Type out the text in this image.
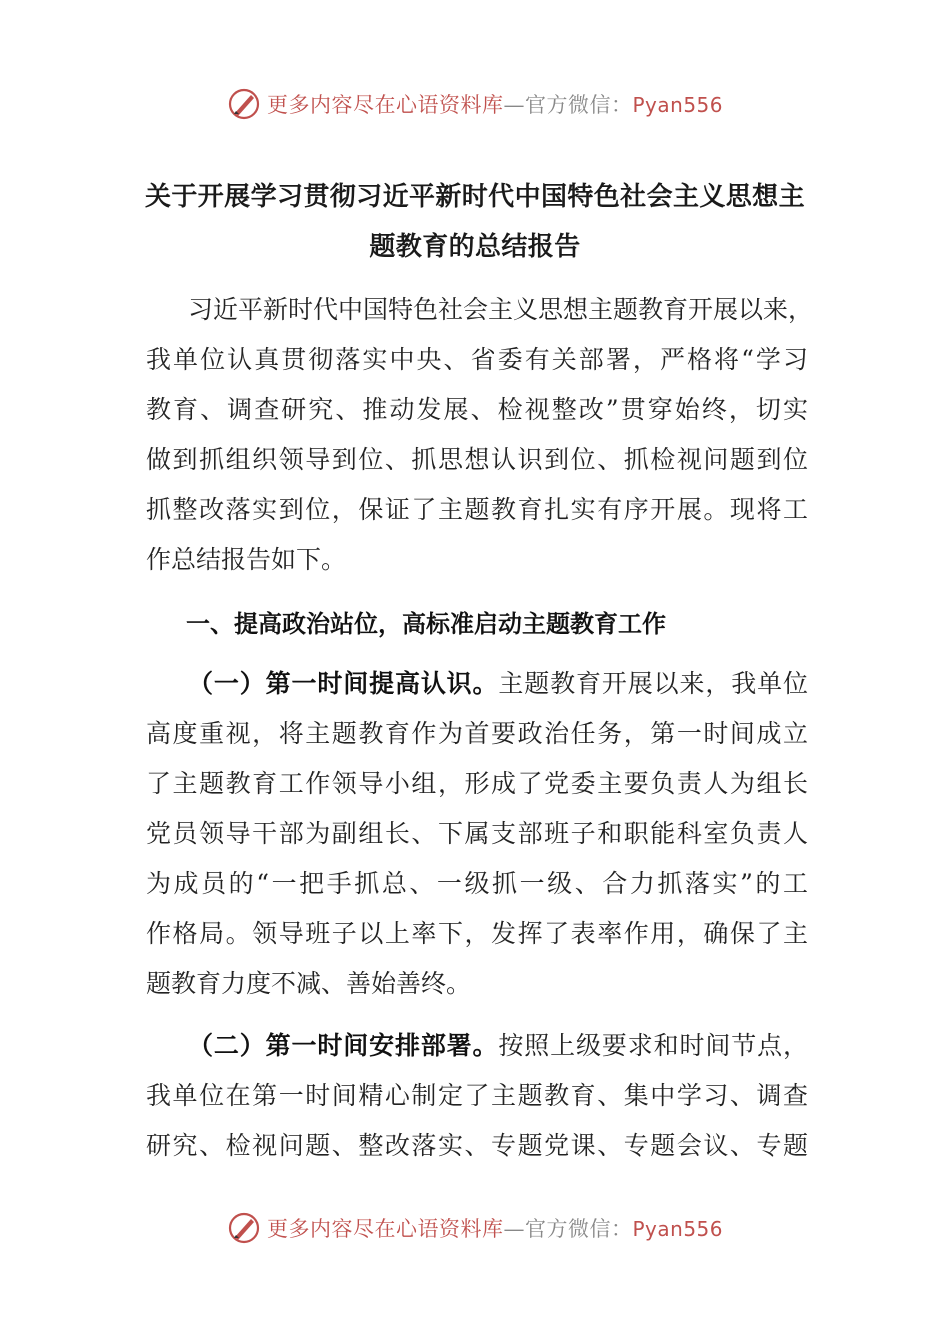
更多内容尽在心语资料库—官方微信：Pyan556
关于开展学习贯彻习近平新时代中国特色社会主义思想主
题教育的总结报告
习近平新时代中国特色社会主义思想主题教育开展以来，
我单位认真贯彻落实中央、省委有关部署，严格将“学习
教育、调查研究、推动发展、检视整改”贯穿始终，切实
做到抓组织领导到位、抓思想认识到位、抓检视问题到位
抓整改落实到位，保证了主题教育扎实有序开展。现将工
作总结报告如下。
一、提高政治站位，高标准启动主题教育工作
（一）第一时间提高认识。主题教育开展以来，我单位
高度重视，将主题教育作为首要政治任务，第一时间成立
了主题教育工作领导小组，形成了党委主要负责人为组长
党员领导干部为副组长、下属支部班子和职能科室负责人
为成员的“一把手抓总、一级抓一级、合力抓落实”的工
作格局。领导班子以上率下，发挥了表率作用，确保了主
题教育力度不减、善始善终。
（二）第一时间安排部署。按照上级要求和时间节点，
我单位在第一时间精心制定了主题教育、集中学习、调查
研究、检视问题、整改落实、专题党课、专题会议、专题
更多内容尽在心语资料库—官方微信：Pyan556
